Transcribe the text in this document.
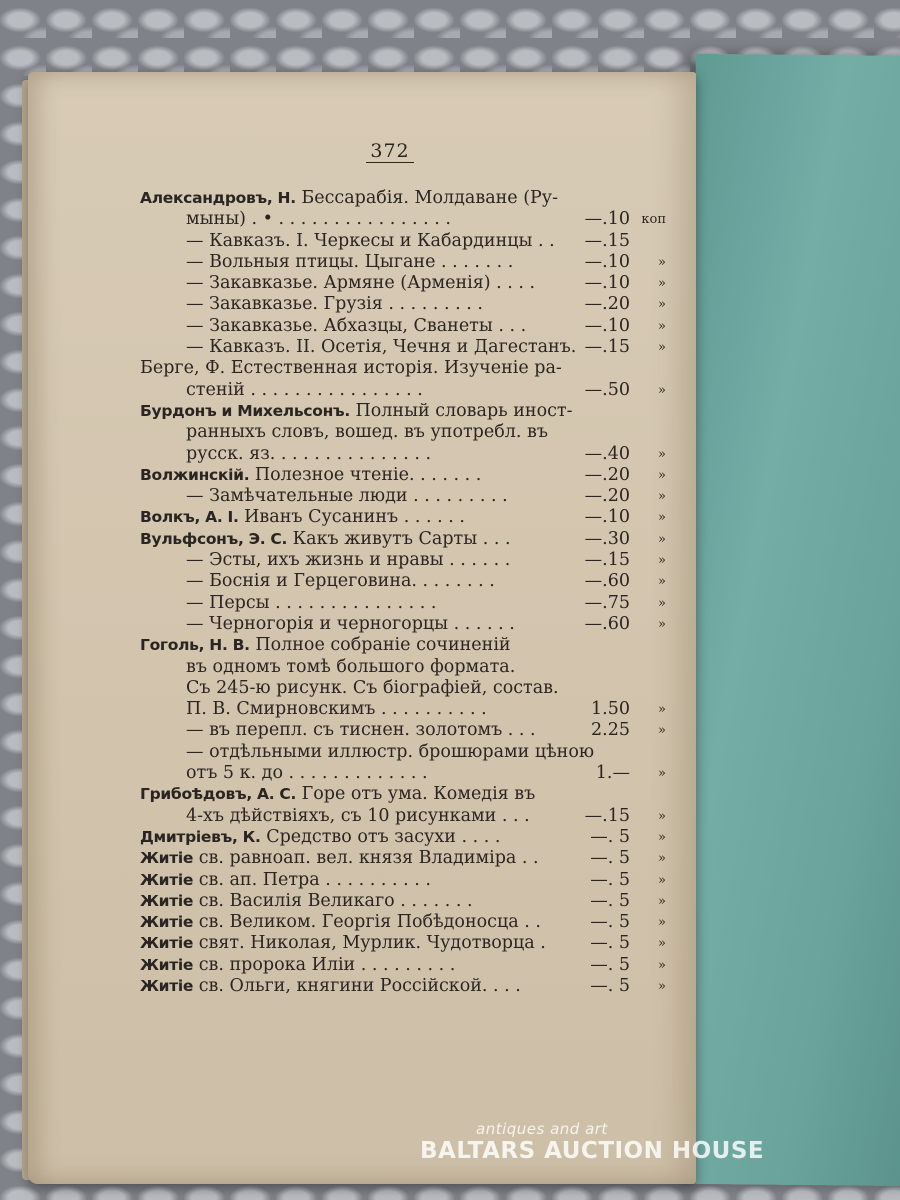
372
Александровъ, Н. Бессарабія. Молдаване (Ру-
мыны) . • . . . . . . . . . . . . . . . .	—.10 коп
— Кавказъ. I. Черкесы и Кабардинцы . . —.15
— Вольныя птицы. Цыгане . . . . . . .	—.10 »
— Закавказье. Армяне (Арменія) . . . .	—.10 »
— Закавказье. Грузія . . . . . . . . .	—.20 »
— Закавказье. Абхазцы, Сванеты . . .	—.10 »
— Кавказъ. II. Осетія, Чечня и Дагестанъ. —.15 »
Берге, Ф. Естественная исторія. Изученіе ра-
стеній . . . . . . . . . . . . . . . .	—.50 »
Бурдонъ и Михельсонъ. Полный словарь иност-
ранныхъ словъ, вошед. въ употребл. въ
русск. яз. . . . . . . . . . . . . . .	—.40 »
Волжинскій. Полезное чтеніе. . . . . . .	—.20 »
— Замѣчательные люди . . . . . . . . .	—.20 »
Волкъ, А. I. Иванъ Сусанинъ . . . . . .	—.10 »
Вульфсонъ, Э. С. Какъ живутъ Сарты . . .	—.30 »
— Эсты, ихъ жизнь и нравы . . . . . .	—.15 »
— Боснія и Герцеговина. . . . . . . .	—.60 »
— Персы . . . . . . . . . . . . . . .	—.75 »
— Черногорія и черногорцы . . . . . .	—.60 »
Гоголь, Н. В. Полное собраніе сочиненій
въ одномъ томѣ большого формата.
Съ 245-ю рисунк. Съ біографіей, состав.
П. В. Смирновскимъ . . . . . . . . . .	1.50 »
— въ перепл. съ тиснен. золотомъ . . .	2.25 »
— отдѣльными иллюстр. брошюрами цѣною
отъ 5 к. до . . . . . . . . . . . . .	1.— »
Грибоѣдовъ, А. С. Горе отъ ума. Комедія въ
4-хъ дѣйствіяхъ, съ 10 рисунками . . .	—.15 »
Дмитріевъ, К. Средство отъ засухи . . . .	—. 5 »
Житіе св. равноап. вел. князя Владиміра . .	—. 5 »
Житіе св. ап. Петра . . . . . . . . . .	—. 5 »
Житіе св. Василія Великаго . . . . . . .	—. 5 »
Житіе св. Великом. Георгія Побѣдоносца . .	—. 5 »
Житіе свят. Николая, Мурлик. Чудотворца .	—. 5 »
Житіе св. пророка Иліи . . . . . . . . .	—. 5 »
Житіе св. Ольги, княгини Россійской. . . .	—. 5 »
antiques and art
BALTARS AUCTION HOUSE
